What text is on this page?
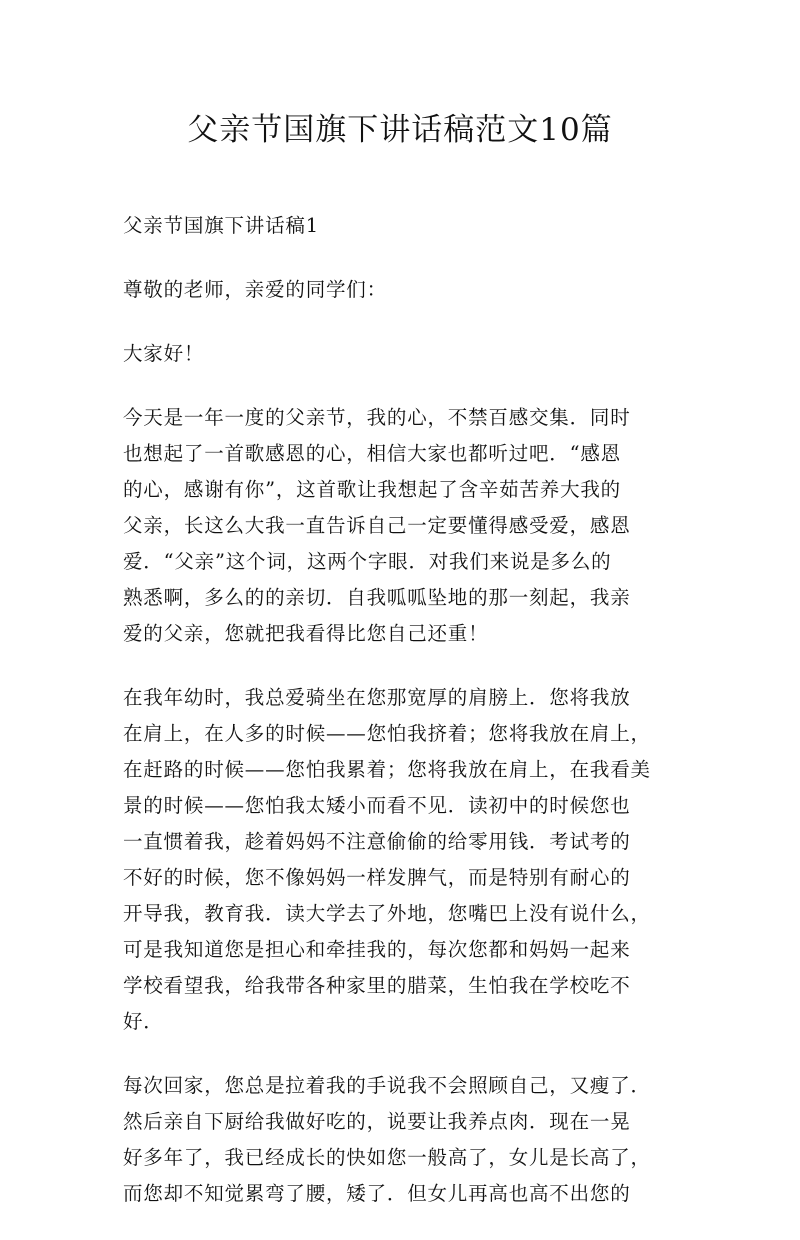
父亲节国旗下讲话稿范文10篇

父亲节国旗下讲话稿1

尊敬的老师，亲爱的同学们：

大家好！

今天是一年一度的父亲节，我的心，不禁百感交集．同时
也想起了一首歌感恩的心，相信大家也都听过吧．“感恩
的心，感谢有你”，这首歌让我想起了含辛茹苦养大我的
父亲，长这么大我一直告诉自己一定要懂得感受爱，感恩
爱．“父亲”这个词，这两个字眼．对我们来说是多么的
熟悉啊，多么的的亲切．自我呱呱坠地的那一刻起，我亲
爱的父亲，您就把我看得比您自己还重！

在我年幼时，我总爱骑坐在您那宽厚的肩膀上．您将我放
在肩上，在人多的时候——您怕我挤着；您将我放在肩上，
在赶路的时候——您怕我累着；您将我放在肩上，在我看美
景的时候——您怕我太矮小而看不见．读初中的时候您也
一直惯着我，趁着妈妈不注意偷偷的给零用钱．考试考的
不好的时候，您不像妈妈一样发脾气，而是特别有耐心的
开导我，教育我．读大学去了外地，您嘴巴上没有说什么，
可是我知道您是担心和牵挂我的，每次您都和妈妈一起来
学校看望我，给我带各种家里的腊菜，生怕我在学校吃不
好．

每次回家，您总是拉着我的手说我不会照顾自己，又瘦了．
然后亲自下厨给我做好吃的，说要让我养点肉．现在一晃
好多年了，我已经成长的快如您一般高了，女儿是长高了，
而您却不知觉累弯了腰，矮了．但女儿再高也高不出您的
